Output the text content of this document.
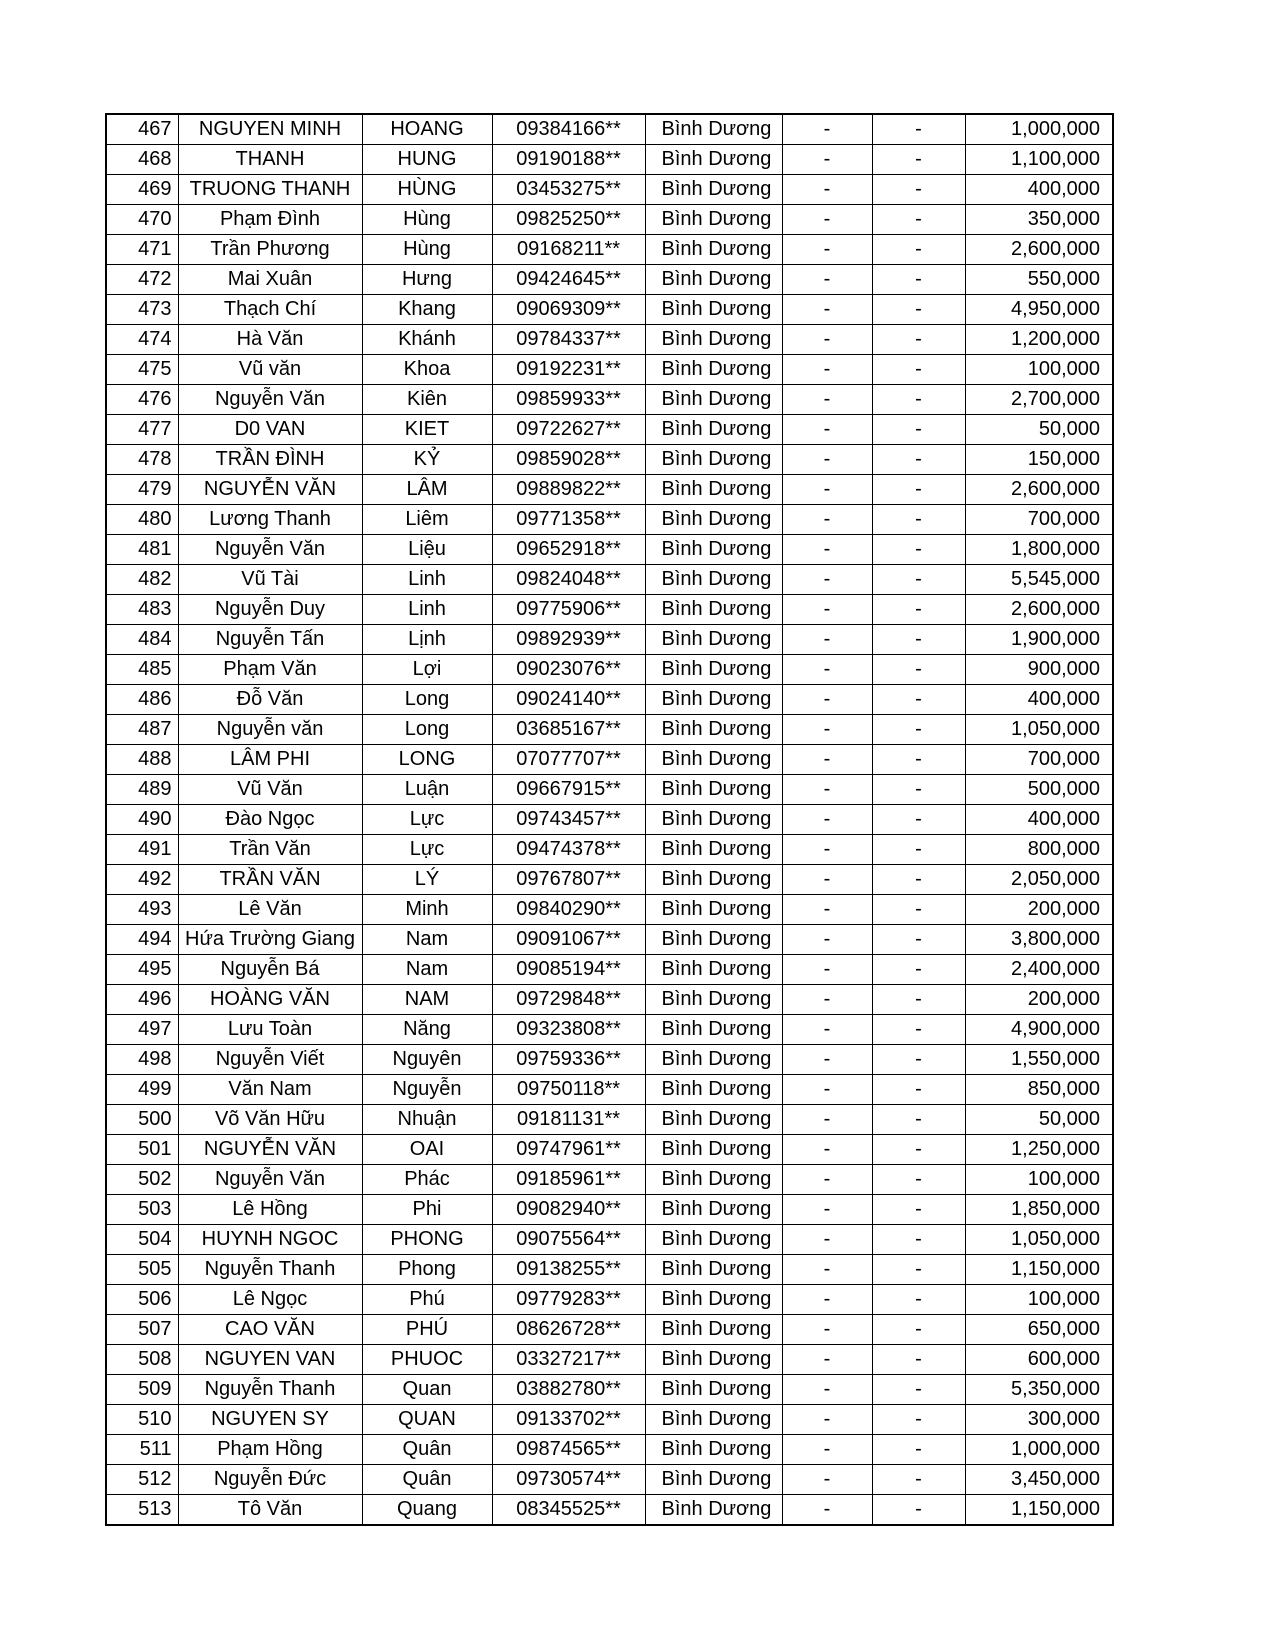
467	NGUYEN MINH	HOANG	09384166**	Bình Dương	-	-	1,000,000
468	THANH	HUNG	09190188**	Bình Dương	-	-	1,100,000
469	TRUONG THANH	HÙNG	03453275**	Bình Dương	-	-	400,000
470	Phạm Đình	Hùng	09825250**	Bình Dương	-	-	350,000
471	Trần Phương	Hùng	09168211**	Bình Dương	-	-	2,600,000
472	Mai Xuân	Hưng	09424645**	Bình Dương	-	-	550,000
473	Thạch Chí	Khang	09069309**	Bình Dương	-	-	4,950,000
474	Hà Văn	Khánh	09784337**	Bình Dương	-	-	1,200,000
475	Vũ văn	Khoa	09192231**	Bình Dương	-	-	100,000
476	Nguyễn Văn	Kiên	09859933**	Bình Dương	-	-	2,700,000
477	D0 VAN	KIET	09722627**	Bình Dương	-	-	50,000
478	TRẦN ĐÌNH	KỶ	09859028**	Bình Dương	-	-	150,000
479	NGUYỄN VĂN	LÂM	09889822**	Bình Dương	-	-	2,600,000
480	Lương Thanh	Liêm	09771358**	Bình Dương	-	-	700,000
481	Nguyễn Văn	Liệu	09652918**	Bình Dương	-	-	1,800,000
482	Vũ Tài	Linh	09824048**	Bình Dương	-	-	5,545,000
483	Nguyễn Duy	Linh	09775906**	Bình Dương	-	-	2,600,000
484	Nguyễn Tấn	Lịnh	09892939**	Bình Dương	-	-	1,900,000
485	Phạm Văn	Lợi	09023076**	Bình Dương	-	-	900,000
486	Đỗ Văn	Long	09024140**	Bình Dương	-	-	400,000
487	Nguyễn văn	Long	03685167**	Bình Dương	-	-	1,050,000
488	LÂM PHI	LONG	07077707**	Bình Dương	-	-	700,000
489	Vũ Văn	Luận	09667915**	Bình Dương	-	-	500,000
490	Đào Ngọc	Lực	09743457**	Bình Dương	-	-	400,000
491	Trần Văn	Lực	09474378**	Bình Dương	-	-	800,000
492	TRẦN VĂN	LÝ	09767807**	Bình Dương	-	-	2,050,000
493	Lê Văn	Minh	09840290**	Bình Dương	-	-	200,000
494	Hứa Trường Giang	Nam	09091067**	Bình Dương	-	-	3,800,000
495	Nguyễn Bá	Nam	09085194**	Bình Dương	-	-	2,400,000
496	HOÀNG VĂN	NAM	09729848**	Bình Dương	-	-	200,000
497	Lưu Toàn	Năng	09323808**	Bình Dương	-	-	4,900,000
498	Nguyễn Viết	Nguyên	09759336**	Bình Dương	-	-	1,550,000
499	Văn Nam	Nguyễn	09750118**	Bình Dương	-	-	850,000
500	Võ Văn Hữu	Nhuận	09181131**	Bình Dương	-	-	50,000
501	NGUYỄN VĂN	OAI	09747961**	Bình Dương	-	-	1,250,000
502	Nguyễn Văn	Phác	09185961**	Bình Dương	-	-	100,000
503	Lê Hồng	Phi	09082940**	Bình Dương	-	-	1,850,000
504	HUYNH NGOC	PHONG	09075564**	Bình Dương	-	-	1,050,000
505	Nguyễn Thanh	Phong	09138255**	Bình Dương	-	-	1,150,000
506	Lê Ngọc	Phú	09779283**	Bình Dương	-	-	100,000
507	CAO VĂN	PHÚ	08626728**	Bình Dương	-	-	650,000
508	NGUYEN VAN	PHUOC	03327217**	Bình Dương	-	-	600,000
509	Nguyễn Thanh	Quan	03882780**	Bình Dương	-	-	5,350,000
510	NGUYEN SY	QUAN	09133702**	Bình Dương	-	-	300,000
511	Phạm Hồng	Quân	09874565**	Bình Dương	-	-	1,000,000
512	Nguyễn Đức	Quân	09730574**	Bình Dương	-	-	3,450,000
513	Tô Văn	Quang	08345525**	Bình Dương	-	-	1,150,000
